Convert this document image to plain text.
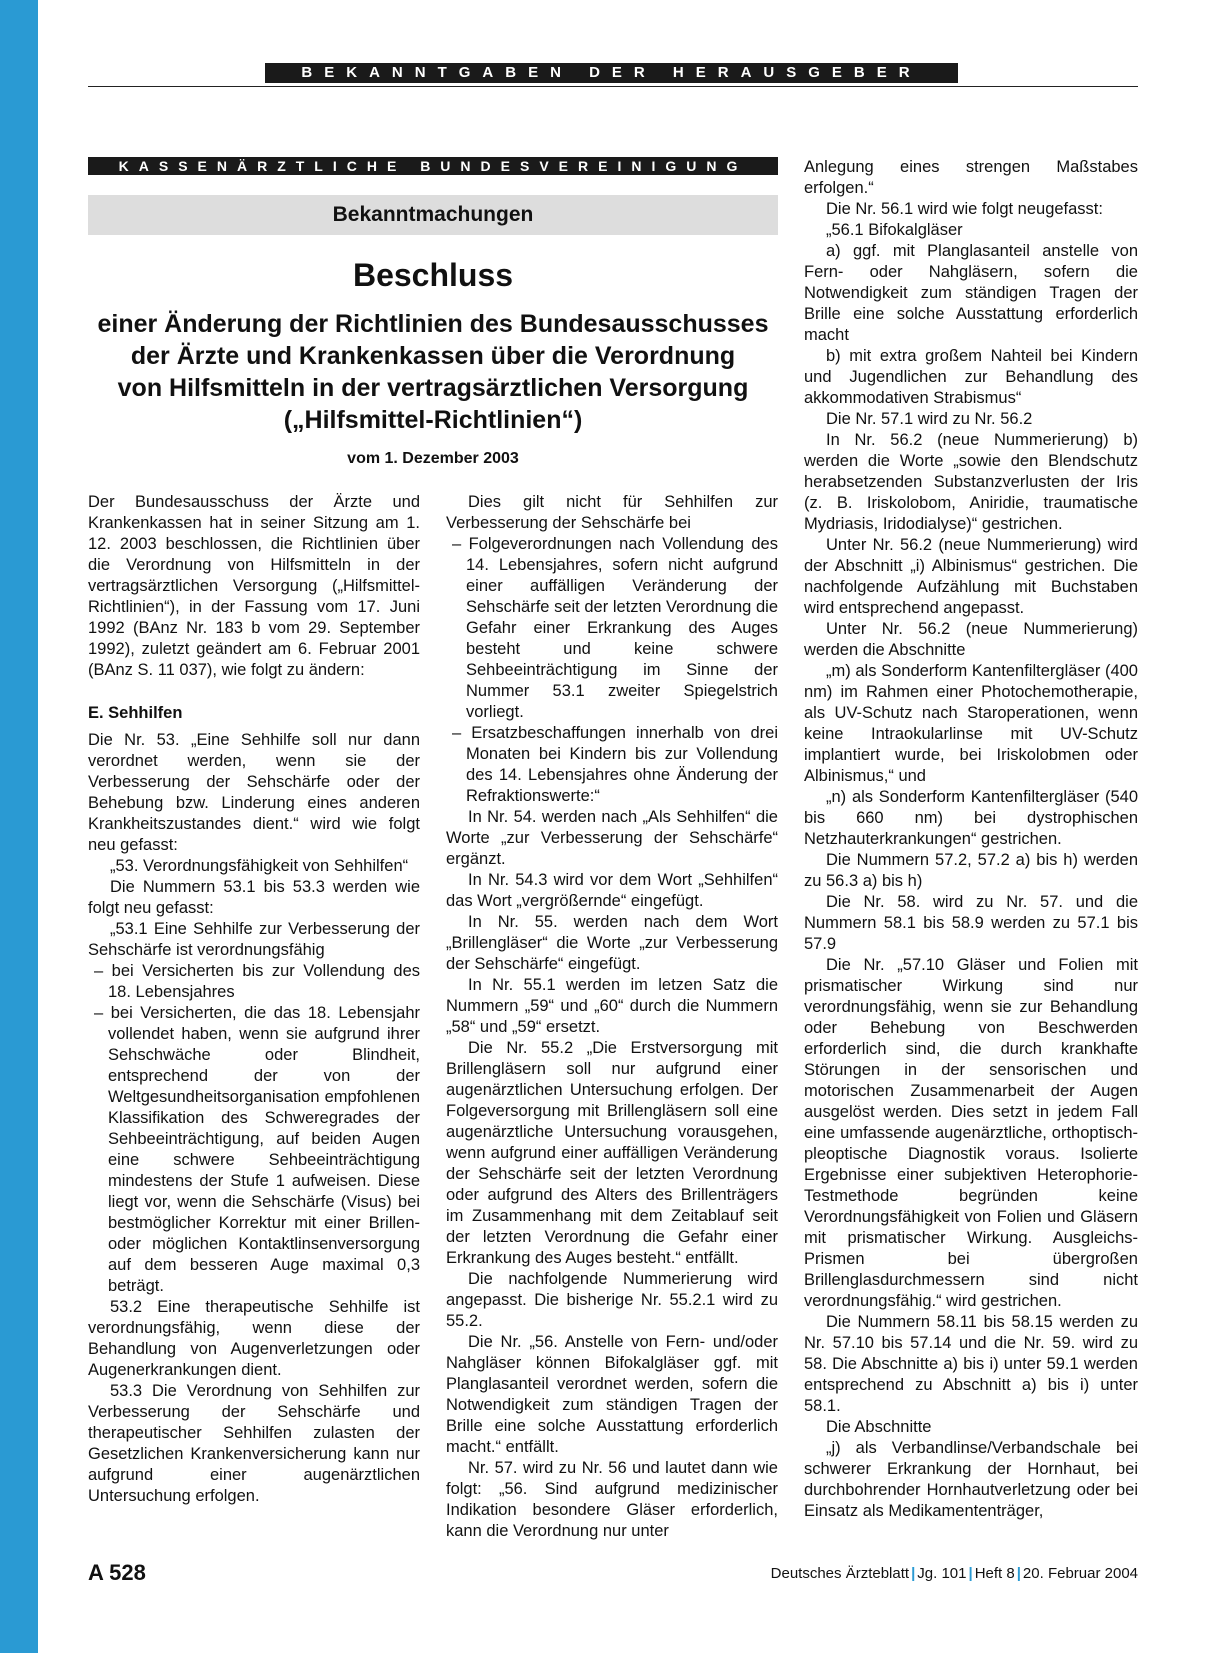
BEKANNTGABEN DER HERAUSGEBER
KASSENÄRZTLICHE BUNDESVEREINIGUNG
Bekanntmachungen
Beschluss
einer Änderung der Richtlinien des Bundesausschusses
der Ärzte und Krankenkassen über die Verordnung
von Hilfsmitteln in der vertragsärztlichen Versorgung
(„Hilfsmittel-Richtlinien“)
vom 1. Dezember 2003

Der Bundesausschuss der Ärzte und Krankenkassen hat in seiner Sitzung am 1. 12. 2003 beschlossen, die Richtlinien über die Verordnung von Hilfsmitteln in der vertragsärztlichen Versorgung („Hilfsmittel-Richtlinien“), in der Fassung vom 17. Juni 1992 (BAnz Nr. 183 b vom 29. September 1992), zuletzt geändert am 6. Februar 2001 (BAnz S. 11 037), wie folgt zu ändern:

E. Sehhilfen

Die Nr. 53. „Eine Sehhilfe soll nur dann verordnet werden, wenn sie der Verbesserung der Sehschärfe oder der Behebung bzw. Linderung eines anderen Krankheitszustandes dient.“ wird wie folgt neu gefasst:

„53. Verordnungsfähigkeit von Sehhilfen“

Die Nummern 53.1 bis 53.3 werden wie folgt neu gefasst:

„53.1 Eine Sehhilfe zur Verbesserung der Sehschärfe ist verordnungsfähig

– bei Versicherten bis zur Vollendung des 18. Lebensjahres

– bei Versicherten, die das 18. Lebensjahr vollendet haben, wenn sie aufgrund ihrer Sehschwäche oder Blindheit, entsprechend der von der Weltgesundheitsorganisation empfohlenen Klassifikation des Schweregrades der Sehbeeinträchtigung, auf beiden Augen eine schwere Sehbeeinträchtigung mindestens der Stufe 1 aufweisen. Diese liegt vor, wenn die Sehschärfe (Visus) bei bestmöglicher Korrektur mit einer Brillen- oder möglichen Kontaktlinsenversorgung auf dem besseren Auge maximal 0,3 beträgt.

53.2 Eine therapeutische Sehhilfe ist verordnungsfähig, wenn diese der Behandlung von Augenverletzungen oder Augenerkrankungen dient.

53.3 Die Verordnung von Sehhilfen zur Verbesserung der Sehschärfe und therapeutischer Sehhilfen zulasten der Gesetzlichen Krankenversicherung kann nur aufgrund einer augenärztlichen Untersuchung erfolgen.

Dies gilt nicht für Sehhilfen zur Verbesserung der Sehschärfe bei

– Folgeverordnungen nach Vollendung des 14. Lebensjahres, sofern nicht aufgrund einer auffälligen Veränderung der Sehschärfe seit der letzten Verordnung die Gefahr einer Erkrankung des Auges besteht und keine schwere Sehbeeinträchtigung im Sinne der Nummer 53.1 zweiter Spiegelstrich vorliegt.

– Ersatzbeschaffungen innerhalb von drei Monaten bei Kindern bis zur Vollendung des 14. Lebensjahres ohne Änderung der Refraktionswerte:“

In Nr. 54. werden nach „Als Sehhilfen“ die Worte „zur Verbesserung der Sehschärfe“ ergänzt.

In Nr. 54.3 wird vor dem Wort „Sehhilfen“ das Wort „vergrößernde“ eingefügt.

In Nr. 55. werden nach dem Wort „Brillengläser“ die Worte „zur Verbesserung der Sehschärfe“ eingefügt.

In Nr. 55.1 werden im letzen Satz die Nummern „59“ und „60“ durch die Nummern „58“ und „59“ ersetzt.

Die Nr. 55.2 „Die Erstversorgung mit Brillengläsern soll nur aufgrund einer augenärztlichen Untersuchung erfolgen. Der Folgeversorgung mit Brillengläsern soll eine augenärztliche Untersuchung vorausgehen, wenn aufgrund einer auffälligen Veränderung der Sehschärfe seit der letzten Verordnung oder aufgrund des Alters des Brillenträgers im Zusammenhang mit dem Zeitablauf seit der letzten Verordnung die Gefahr einer Erkrankung des Auges besteht.“ entfällt.

Die nachfolgende Nummerierung wird angepasst. Die bisherige Nr. 55.2.1 wird zu 55.2.

Die Nr. „56. Anstelle von Fern- und/oder Nahgläser können Bifokalgläser ggf. mit Planglasanteil verordnet werden, sofern die Notwendigkeit zum ständigen Tragen der Brille eine solche Ausstattung erforderlich macht.“ entfällt.

Nr. 57. wird zu Nr. 56 und lautet dann wie folgt: „56. Sind aufgrund medizinischer Indikation besondere Gläser erforderlich, kann die Verordnung nur unter

Anlegung eines strengen Maßstabes erfolgen.“

Die Nr. 56.1 wird wie folgt neugefasst:

„56.1 Bifokalgläser

a) ggf. mit Planglasanteil anstelle von Fern- oder Nahgläsern, sofern die Notwendigkeit zum ständigen Tragen der Brille eine solche Ausstattung erforderlich macht

b) mit extra großem Nahteil bei Kindern und Jugendlichen zur Behandlung des akkommodativen Strabismus“

Die Nr. 57.1 wird zu Nr. 56.2

In Nr. 56.2 (neue Nummerierung) b) werden die Worte „sowie den Blendschutz herabsetzenden Substanzverlusten der Iris (z. B. Iriskolobom, Aniridie, traumatische Mydriasis, Iridodialyse)“ gestrichen.

Unter Nr. 56.2 (neue Nummerierung) wird der Abschnitt „i) Albinismus“ gestrichen. Die nachfolgende Aufzählung mit Buchstaben wird entsprechend angepasst.

Unter Nr. 56.2 (neue Nummerierung) werden die Abschnitte

„m) als Sonderform Kantenfiltergläser (400 nm) im Rahmen einer Photochemotherapie, als UV-Schutz nach Staroperationen, wenn keine Intraokularlinse mit UV-Schutz implantiert wurde, bei Iriskolobmen oder Albinismus,“ und

„n) als Sonderform Kantenfiltergläser (540 bis 660 nm) bei dystrophischen Netzhauterkrankungen“ gestrichen.

Die Nummern 57.2, 57.2 a) bis h) werden zu 56.3 a) bis h)

Die Nr. 58. wird zu Nr. 57. und die Nummern 58.1 bis 58.9 werden zu 57.1 bis 57.9

Die Nr. „57.10 Gläser und Folien mit prismatischer Wirkung sind nur verordnungsfähig, wenn sie zur Behandlung oder Behebung von Beschwerden erforderlich sind, die durch krankhafte Störungen in der sensorischen und motorischen Zusammenarbeit der Augen ausgelöst werden. Dies setzt in jedem Fall eine umfassende augenärztliche, orthoptisch-pleoptische Diagnostik voraus. Isolierte Ergebnisse einer subjektiven Heterophorie-Testmethode begründen keine Verordnungsfähigkeit von Folien und Gläsern mit prismatischer Wirkung. Ausgleichs-Prismen bei übergroßen Brillenglasdurchmessern sind nicht verordnungsfähig.“ wird gestrichen.

Die Nummern 58.11 bis 58.15 werden zu Nr. 57.10 bis 57.14 und die Nr. 59. wird zu 58. Die Abschnitte a) bis i) unter 59.1 werden entsprechend zu Abschnitt a) bis i) unter 58.1.

Die Abschnitte

„j) als Verbandlinse/Verbandschale bei schwerer Erkrankung der Hornhaut, bei durchbohrender Hornhautverletzung oder bei Einsatz als Medikamententräger,

A 528	Deutsches Ärzteblatt | Jg. 101 | Heft 8 | 20. Februar 2004
